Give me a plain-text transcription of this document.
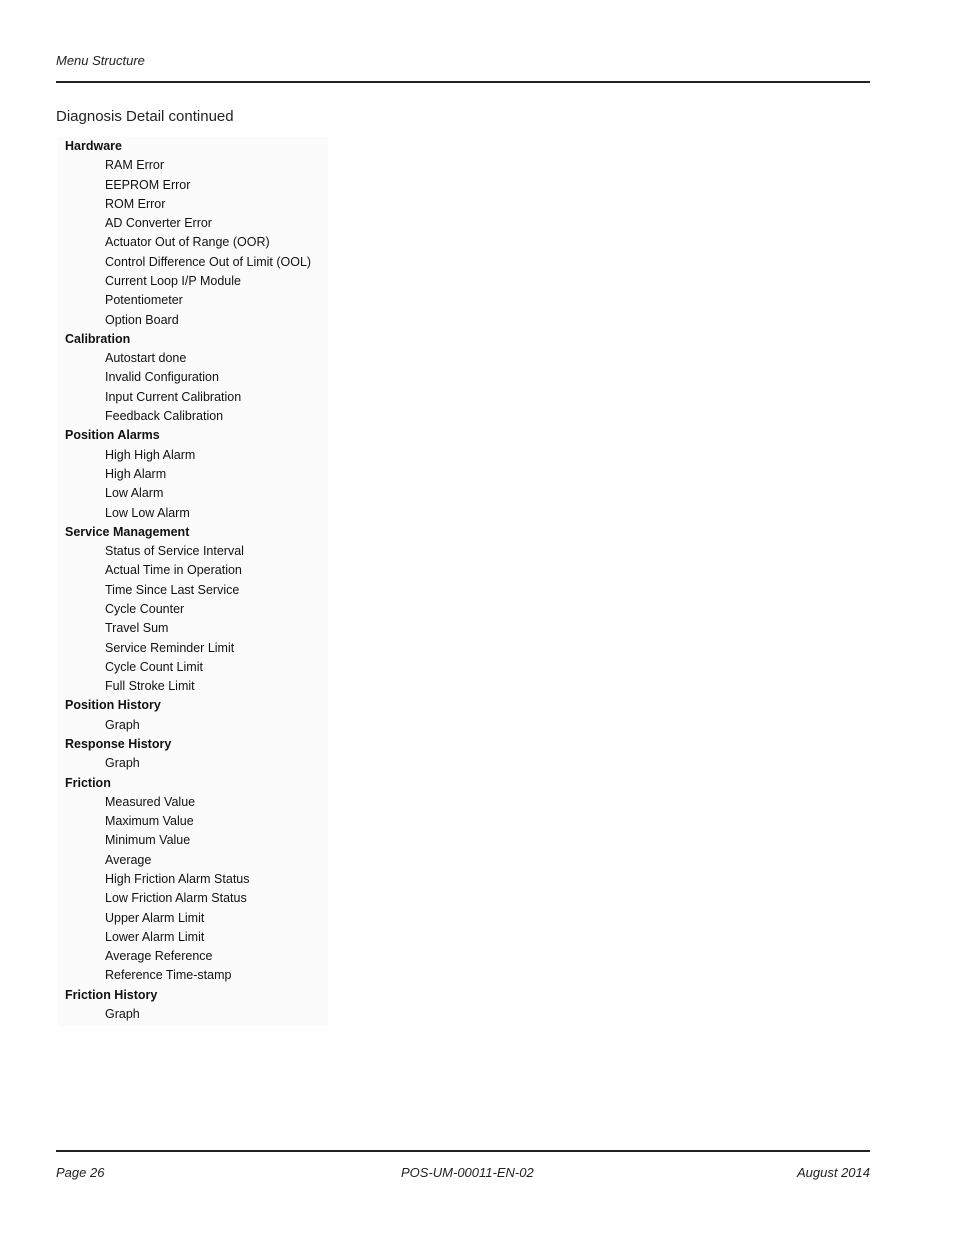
Menu Structure
Diagnosis Detail continued
Hardware
RAM Error
EEPROM Error
ROM Error
AD Converter Error
Actuator Out of Range (OOR)
Control Difference Out of Limit (OOL)
Current Loop I/P Module
Potentiometer
Option Board
Calibration
Autostart done
Invalid Configuration
Input Current Calibration
Feedback Calibration
Position Alarms
High High Alarm
High Alarm
Low Alarm
Low Low Alarm
Service Management
Status of Service Interval
Actual Time in Operation
Time Since Last Service
Cycle Counter
Travel Sum
Service Reminder Limit
Cycle Count Limit
Full Stroke Limit
Position History
Graph
Response History
Graph
Friction
Measured Value
Maximum Value
Minimum Value
Average
High Friction Alarm Status
Low Friction Alarm Status
Upper Alarm Limit
Lower Alarm Limit
Average Reference
Reference Time-stamp
Friction History
Graph
Page 26	POS-UM-00011-EN-02	August 2014
